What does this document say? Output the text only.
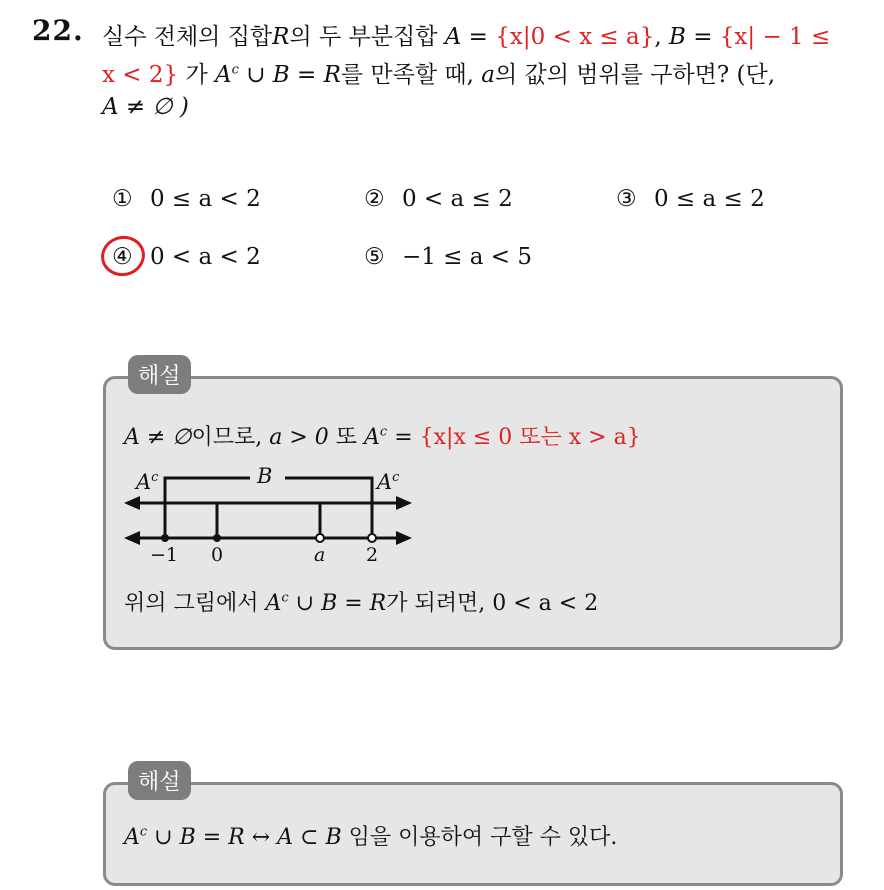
22. 실수 전체의 집합R의 두 부분집합 A = {x|0 < x ≤ a}, B = {x| − 1 ≤
x < 2} 가 $A^c$ ∪ B = R를 만족할 때, a의 값의 범위를 구하면? (단,
A ≠ ∅ )
① 0 ≤ a < 2	② 0 < a ≤ 2	③ 0 ≤ a ≤ 2
④ 0 < a < 2	⑤ −1 ≤ a < 5
해설
A ≠ ∅이므로, a > 0 또 $A^c = \{x|x \le 0$ 또는 x > a}
$A^c$	B	$A^c$
−1 0	a 2
위의 그림에서 $A^c$ ∪ B = R가 되려면, 0 < a < 2
해설
$A^c$ ∪ B = R ↔ A ⊂ B 임을 이용하여 구할 수 있다.
